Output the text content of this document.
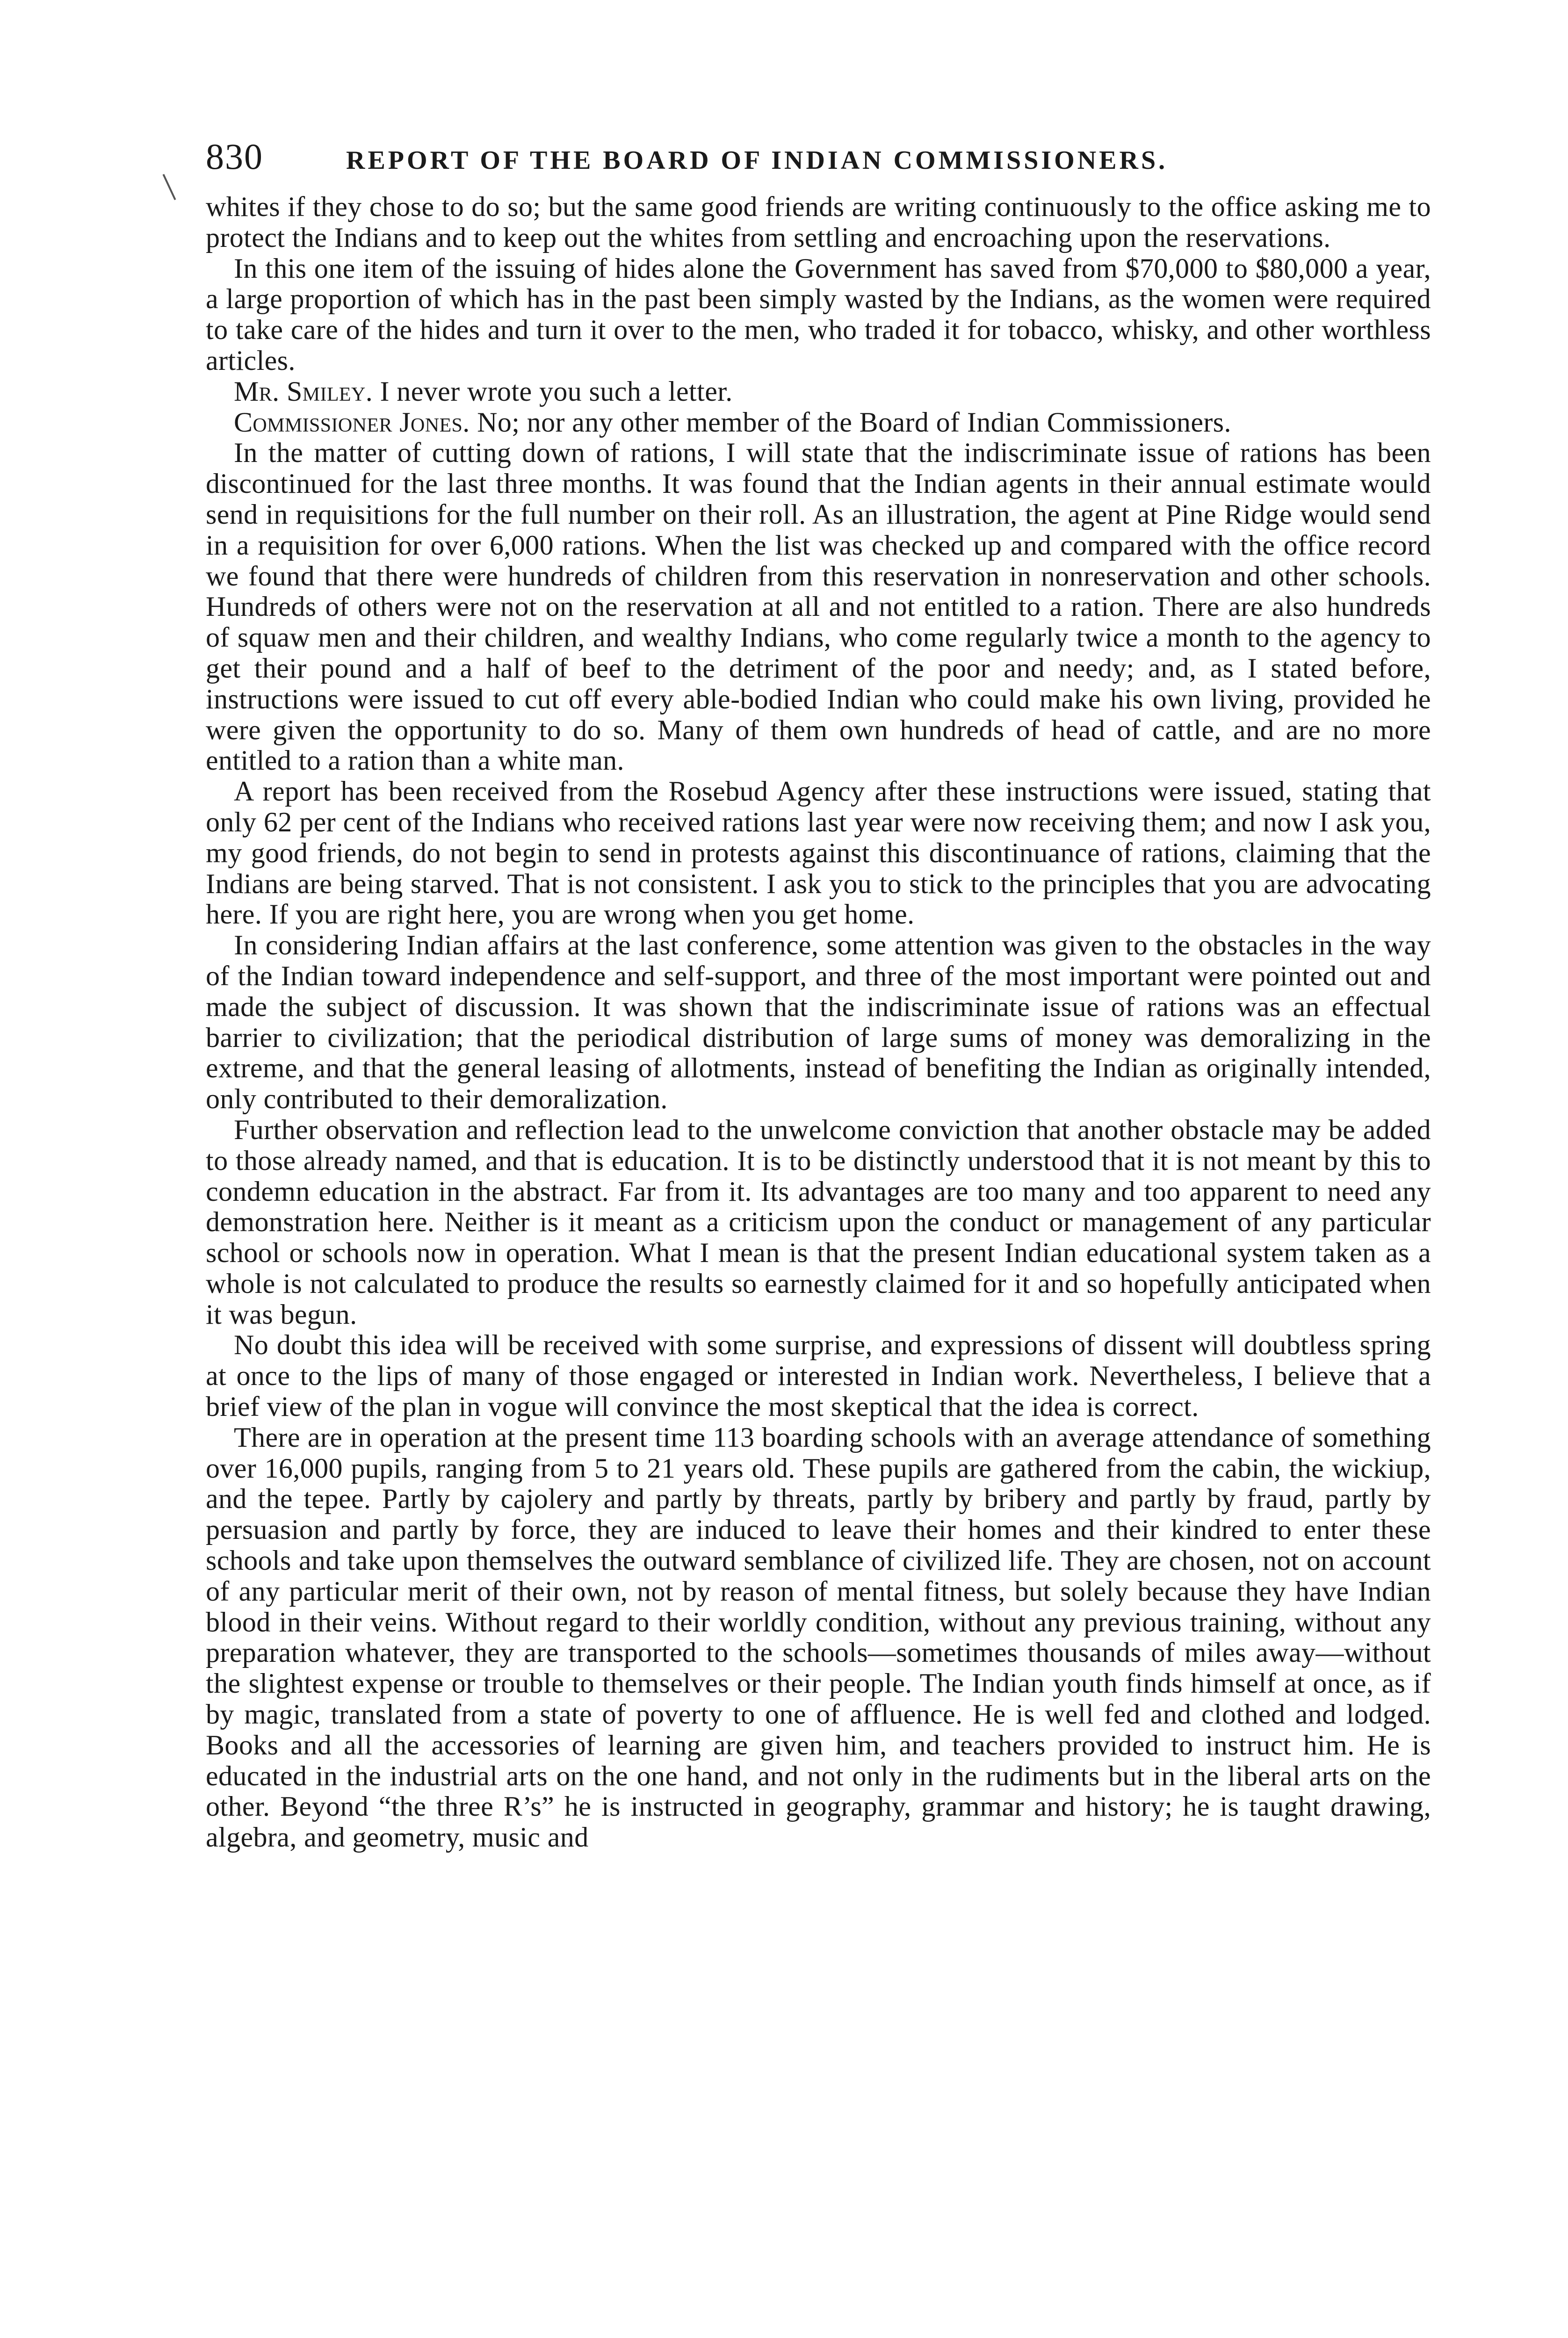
830	REPORT OF THE BOARD OF INDIAN COMMISSIONERS.

whites if they chose to do so; but the same good friends are writing continuously to the office asking me to protect the Indians and to keep out the whites from settling and encroaching upon the reservations.

In this one item of the issuing of hides alone the Government has saved from $70,000 to $80,000 a year, a large proportion of which has in the past been simply wasted by the Indians, as the women were required to take care of the hides and turn it over to the men, who traded it for tobacco, whisky, and other worthless articles.

Mr. Smiley. I never wrote you such a letter.

Commissioner Jones. No; nor any other member of the Board of Indian Commissioners.

In the matter of cutting down of rations, I will state that the indiscriminate issue of rations has been discontinued for the last three months. It was found that the Indian agents in their annual estimate would send in requisitions for the full number on their roll. As an illustration, the agent at Pine Ridge would send in a requisition for over 6,000 rations. When the list was checked up and compared with the office record we found that there were hundreds of children from this reservation in nonreservation and other schools. Hundreds of others were not on the reservation at all and not entitled to a ration. There are also hundreds of squaw men and their children, and wealthy Indians, who come regularly twice a month to the agency to get their pound and a half of beef to the detriment of the poor and needy; and, as I stated before, instructions were issued to cut off every able-bodied Indian who could make his own living, provided he were given the opportunity to do so. Many of them own hundreds of head of cattle, and are no more entitled to a ration than a white man.

A report has been received from the Rosebud Agency after these instructions were issued, stating that only 62 per cent of the Indians who received rations last year were now receiving them; and now I ask you, my good friends, do not begin to send in protests against this discontinuance of rations, claiming that the Indians are being starved. That is not consistent. I ask you to stick to the principles that you are advocating here. If you are right here, you are wrong when you get home.

In considering Indian affairs at the last conference, some attention was given to the obstacles in the way of the Indian toward independence and self-support, and three of the most important were pointed out and made the subject of discussion. It was shown that the indiscriminate issue of rations was an effectual barrier to civilization; that the periodical distribution of large sums of money was demoralizing in the extreme, and that the general leasing of allotments, instead of benefiting the Indian as originally intended, only contributed to their demoralization.

Further observation and reflection lead to the unwelcome conviction that another obstacle may be added to those already named, and that is education. It is to be distinctly understood that it is not meant by this to condemn education in the abstract. Far from it. Its advantages are too many and too apparent to need any demonstration here. Neither is it meant as a criticism upon the conduct or management of any particular school or schools now in operation. What I mean is that the present Indian educational system taken as a whole is not calculated to produce the results so earnestly claimed for it and so hopefully anticipated when it was begun.

No doubt this idea will be received with some surprise, and expressions of dissent will doubtless spring at once to the lips of many of those engaged or interested in Indian work. Nevertheless, I believe that a brief view of the plan in vogue will convince the most skeptical that the idea is correct.

There are in operation at the present time 113 boarding schools with an average attendance of something over 16,000 pupils, ranging from 5 to 21 years old. These pupils are gathered from the cabin, the wickiup, and the tepee. Partly by cajolery and partly by threats, partly by bribery and partly by fraud, partly by persuasion and partly by force, they are induced to leave their homes and their kindred to enter these schools and take upon themselves the outward semblance of civilized life. They are chosen, not on account of any particular merit of their own, not by reason of mental fitness, but solely because they have Indian blood in their veins. Without regard to their worldly condition, without any previous training, without any preparation whatever, they are transported to the schools—sometimes thousands of miles away—without the slightest expense or trouble to themselves or their people. The Indian youth finds himself at once, as if by magic, translated from a state of poverty to one of affluence. He is well fed and clothed and lodged. Books and all the accessories of learning are given him, and teachers provided to instruct him. He is educated in the industrial arts on the one hand, and not only in the rudiments but in the liberal arts on the other. Beyond “the three R’s” he is instructed in geography, grammar and history; he is taught drawing, algebra, and geometry, music and
